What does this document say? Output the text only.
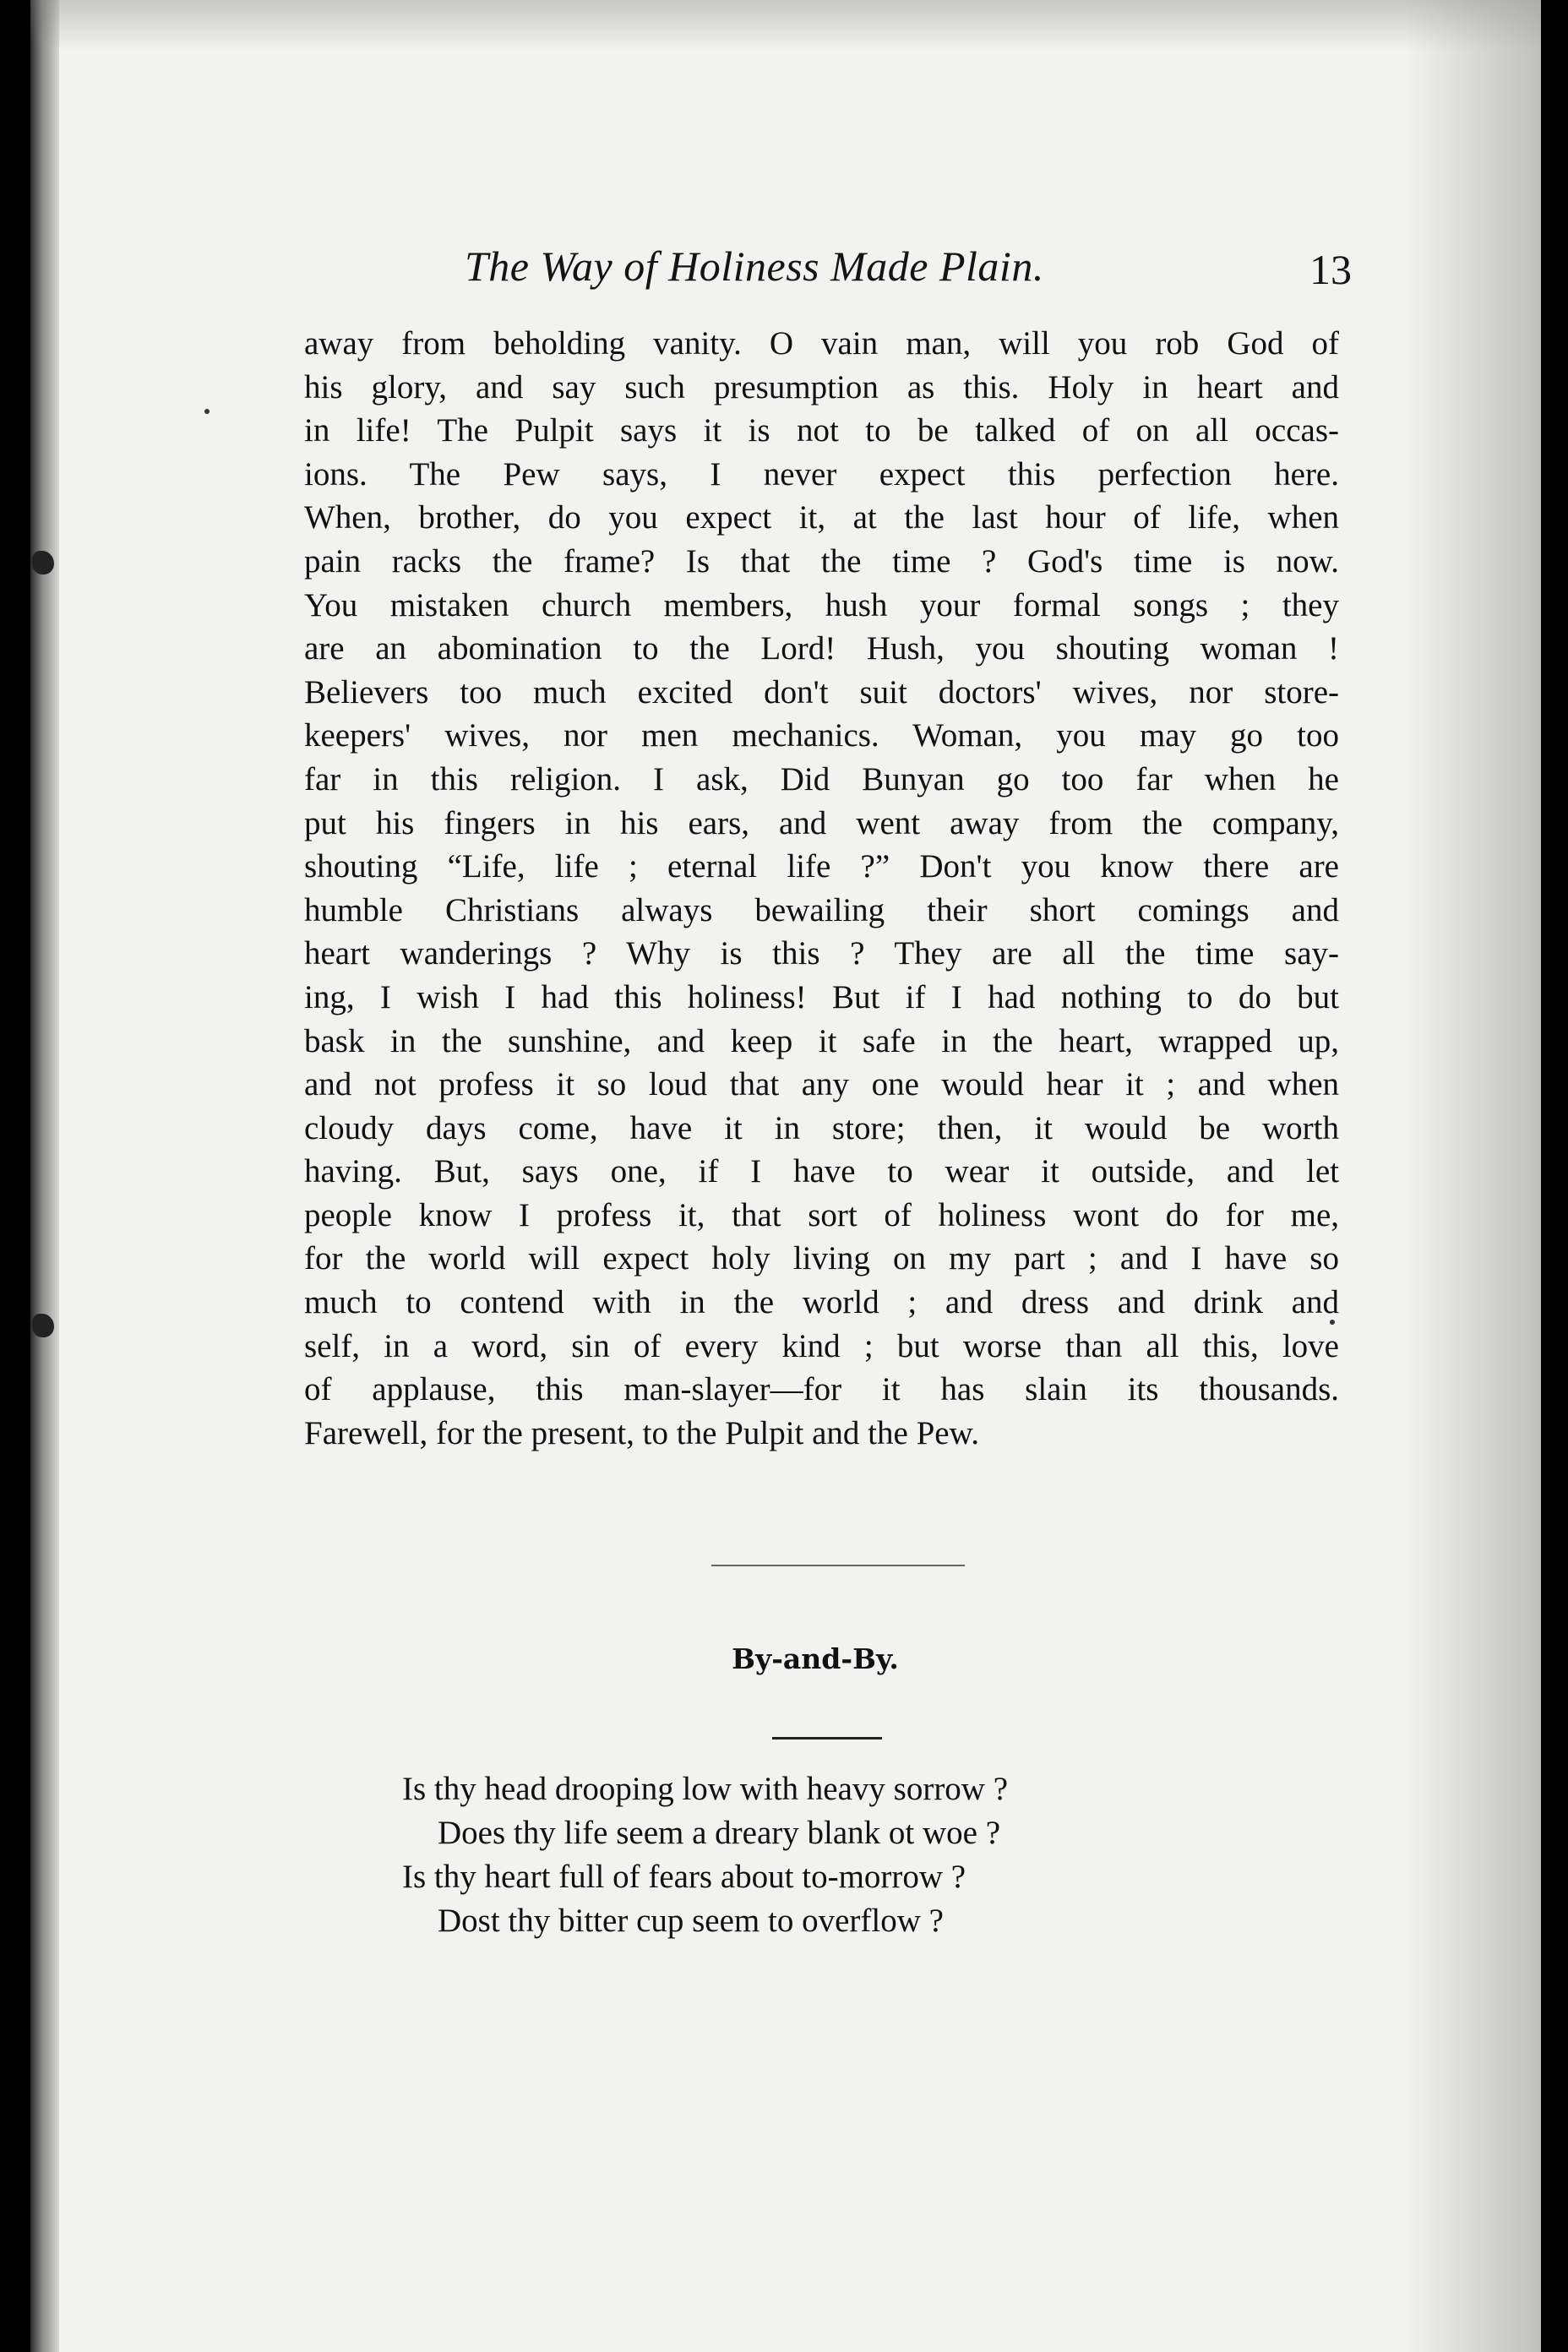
The Way of Holiness Made Plain.	13
away from beholding vanity. O vain man, will you rob God of
his glory, and say such presumption as this. Holy in heart and
in life! The Pulpit says it is not to be talked of on all occas-
ions. The Pew says, I never expect this perfection here.
When, brother, do you expect it, at the last hour of life, when
pain racks the frame? Is that the time ? God's time is now.
You mistaken church members, hush your formal songs ; they
are an abomination to the Lord! Hush, you shouting woman !
Believers too much excited don't suit doctors' wives, nor store-
keepers' wives, nor men mechanics. Woman, you may go too
far in this religion. I ask, Did Bunyan go too far when he
put his fingers in his ears, and went away from the company,
shouting “Life, life ; eternal life ?” Don't you know there are
humble Christians always bewailing their short comings and
heart wanderings ? Why is this ? They are all the time say-
ing, I wish I had this holiness! But if I had nothing to do but
bask in the sunshine, and keep it safe in the heart, wrapped up,
and not profess it so loud that any one would hear it ; and when
cloudy days come, have it in store; then, it would be worth
having. But, says one, if I have to wear it outside, and let
people know I profess it, that sort of holiness wont do for me,
for the world will expect holy living on my part ; and I have so
much to contend with in the world ; and dress and drink and
self, in a word, sin of every kind ; but worse than all this, love
of applause, this man-slayer—for it has slain its thousands.
Farewell, for the present, to the Pulpit and the Pew.
By-and-By.
Is thy head drooping low with heavy sorrow ?
Does thy life seem a dreary blank ot woe ?
Is thy heart full of fears about to-morrow ?
Dost thy bitter cup seem to overflow ?
